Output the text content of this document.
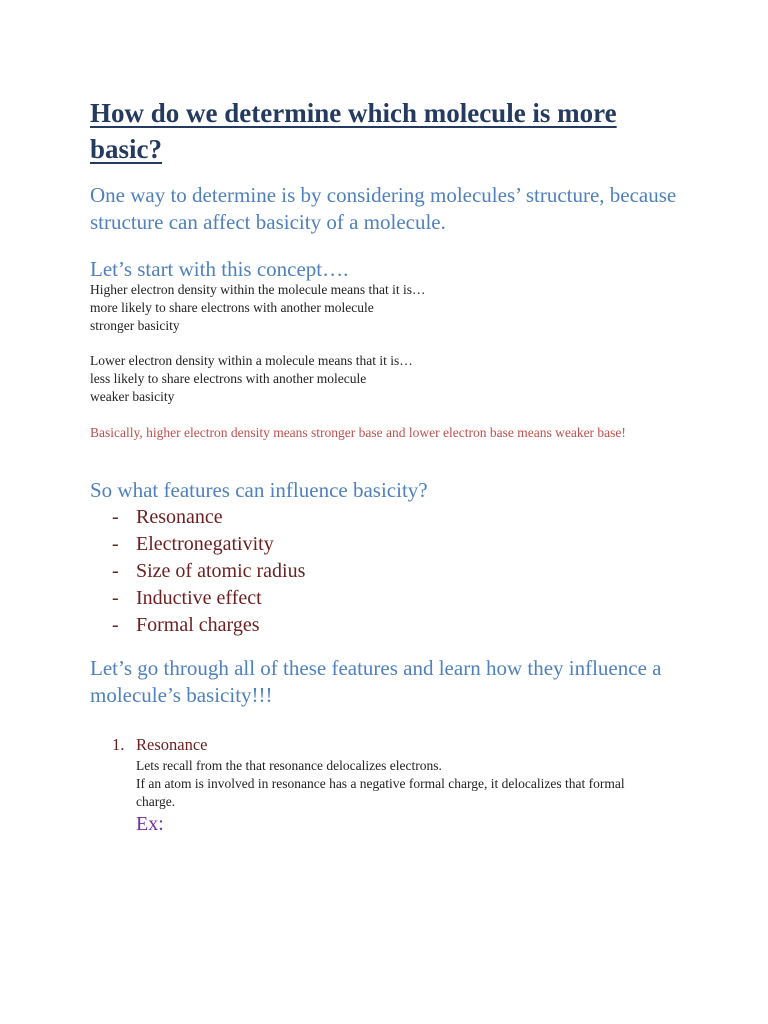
How do we determine which molecule is more basic?

One way to determine is by considering molecules’ structure, because structure can affect basicity of a molecule.

Let’s start with this concept….

Higher electron density within the molecule means that it is…

more likely to share electrons with another molecule

stronger basicity

Lower electron density within a molecule means that it is…

less likely to share electrons with another molecule

weaker basicity

Basically, higher electron density means stronger base and lower electron base means weaker base!

So what features can influence basicity?

- Resonance
- Electronegativity
- Size of atomic radius
- Inductive effect
- Formal charges

Let’s go through all of these features and learn how they influence a molecule’s basicity!!!

1. Resonance

Lets recall from the that resonance delocalizes electrons.

If an atom is involved in resonance has a negative formal charge, it delocalizes that formal charge.

Ex:
